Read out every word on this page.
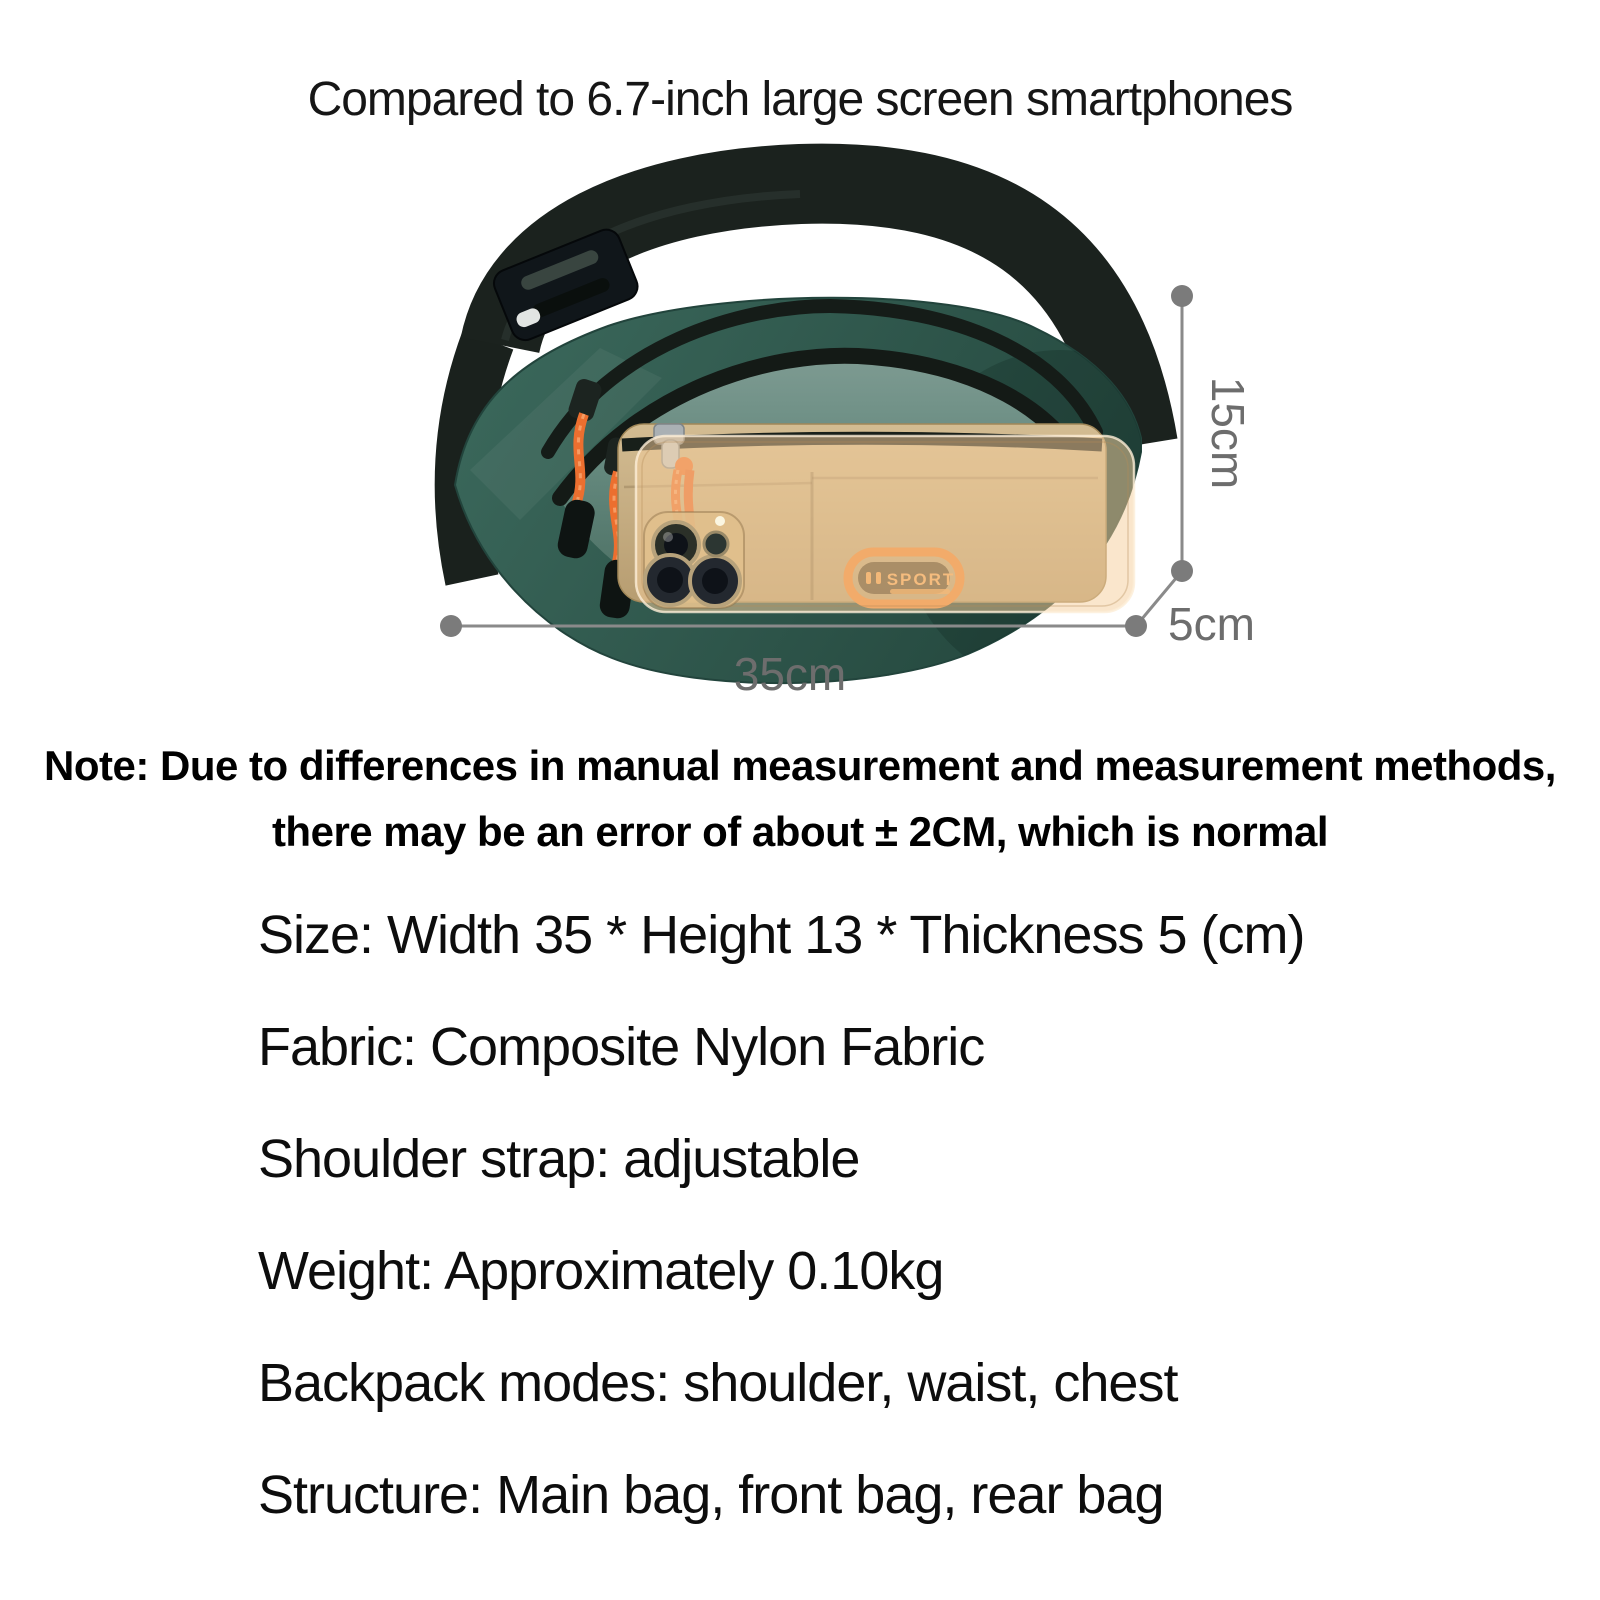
Compared to 6.7-inch large screen smartphones
15cm
5cm
35cm
Note: Due to differences in manual measurement and measurement methods,
there may be an error of about ± 2CM, which is normal
Size: Width 35 * Height 13 * Thickness 5 (cm)
Fabric: Composite Nylon Fabric
Shoulder strap: adjustable
Weight: Approximately 0.10kg
Backpack modes: shoulder, waist, chest
Structure: Main bag, front bag, rear bag
